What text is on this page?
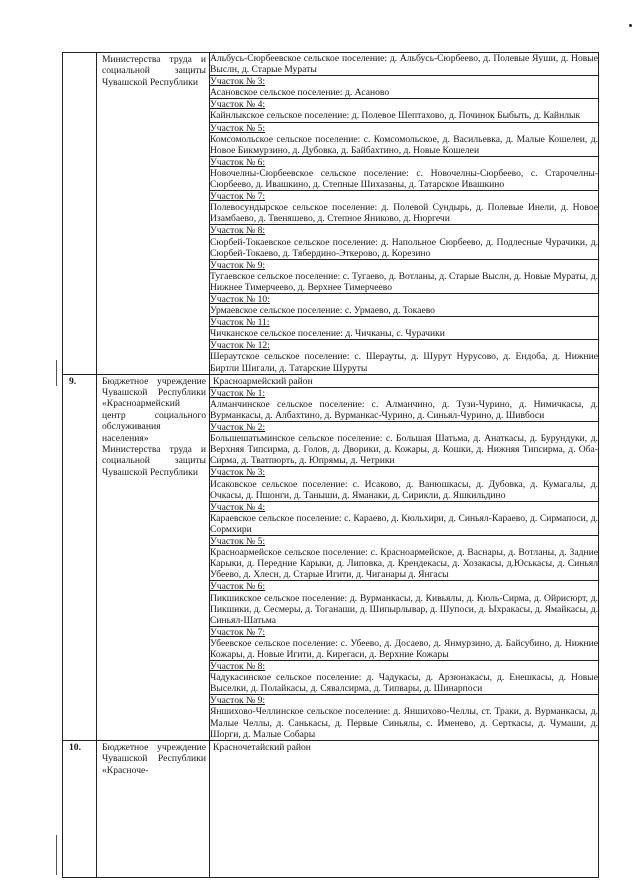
	Министерства труда и социальной защиты Чувашской Республики	Альбусь-Сюрбеевское сельское поселение: д. Альбусь-Сюрбеево, д. Полевые Яуши, д. Новые Выслн, д. Старые Мураты

		Участок № 3:
Асановское сельское поселение: д. Асаново

		Участок № 4:
Кайнлыкское сельское поселение: д. Полевое Шептахово, д. Починок Быбыть, д. Кайнлык

		Участок № 5:
Комсомольское сельское поселение: с. Комсомольское, д. Васильевка, д. Малые Кошелеи, д. Новое Бикмурзино, д. Дубовка, д. Байбахтино, д. Новые Кошелеи

		Участок № 6:
Новочелны-Сюрбеевское сельское поселение: с. Новочелны-Сюрбеево, с. Старочелны-Сюрбеево, д. Ивашкино, д. Степные Шихазаны, д. Татарское Ивашкино

		Участок № 7:
Полевосундырское сельское поселение: д. Полевой Сундырь, д. Полевые Инели, д. Новое Изамбаево, д. Твеняшево, д. Степное Яниково, д. Нюргечи

		Участок № 8:
Сюрбей-Токаевское сельское поселение: д. Напольное Сюрбеево, д. Подлесные Чурачики, д. Сюрбей-Токаево, д. Тябердино-Эткерово, д. Корезино

		Участок № 9:
Тугаевское сельское поселение: с. Тугаево, д. Вотланы, д. Старые Выслн, д. Новые Мураты, д. Нижнее Тимерчеево, д. Верхнее Тимерчеево

		Участок № 10:
Урмаевское сельское поселение: с. Урмаево, д. Токаево

		Участок № 11:
Чичканское сельское поселение: д. Чичканы, с. Чурачики

		Участок № 12:
Шераутское сельское поселение: с. Шерауты, д. Шурут Нурусово, д. Ендоба, д. Нижние Биртли Шигали, д. Татарские Шуруты

9.	Бюджетное учреждение Чувашской Республики «Красноармейский центр социального обслуживания населения» Министерства труда и социальной защиты Чувашской Республики	Красноармейский район

		Участок № 1:
Алманчинское сельское поселение: с. Алманчино, д. Тузи-Чурино, д. Нимичкасы, д. Вурманкасы, д. Албахтино, д. Вурманкас-Чурино, д. Синьял-Чурино, д. Шивбоси

		Участок № 2:
Большешатьминское сельское поселение: с. Большая Шатьма, д. Анаткасы, д. Бурундуки, д. Верхняя Типсирма, д. Голов, д. Дворики, д. Кожары, д. Кошки, д. Нижняя Типсирма, д. Оба-Сирма, д. Тватпюрть, д. Юпрямы, д. Четрики

		Участок № 3:
Исаковское сельское поселение: с. Исаково, д. Ванюшкасы, д. Дубовка, д. Кумагалы, д. Очкасы, д. Пшонги, д. Таныши, д. Яманаки, д. Сирикли, д. Яшкильдино

		Участок № 4:
Караевское сельское поселение: с. Караево, д. Кюльхири, д. Синьял-Караево, д. Сирмапоси, д. Сормхири

		Участок № 5:
Красноармейское сельское поселение: с. Красноармейское, д. Васнары, д. Вотланы, д. Задние Карыки, д. Передние Карыки, д. Липовка, д. Крендекасы, д. Хозакасы, д.Юськасы, д. Синьял Убеево, д. Хлесн, д. Старые Игити, д. Чиганары д. Янгасы

		Участок № 6:
Пикшикское сельское поселение: д. Вурманкасы, д. Кивьялы, д. Кюль-Сирма, д. Ойрисюрт, д. Пикшики, д. Сесмеры, д. Тоганаши, д. Шипырлывар, д. Шупоси, д. Ыхракасы, д. Ямайкасы, д. Синьял-Шатьма

		Участок № 7:
Убеевское сельское поселение: с. Убеево, д. Досаево, д. Янмурзино, д. Байсубино, д. Нижние Кожары, д. Новые Игити, д. Кирегаси, д. Верхние Кожары

		Участок № 8:
Чадукасинское сельское поселение: д. Чадукасы, д. Арзюнакасы, д. Енешкасы, д. Новые Выселки, д. Полайкасы, д. Сявалсирма, д. Типвары, д. Шинарпоси

		Участок № 9:
Яншихово-Челлинское сельское поселение: д. Яншихово-Челлы, ст. Траки, д. Вурманкасы, д. Малые Челлы, д. Санькасы, д. Первые Синьялы, с. Именево, д. Серткасы, д. Чумаши, д. Шорги, д. Малые Собары

10.	Бюджетное учреждение Чувашской Республики «Красноче-	Красночетайский район
